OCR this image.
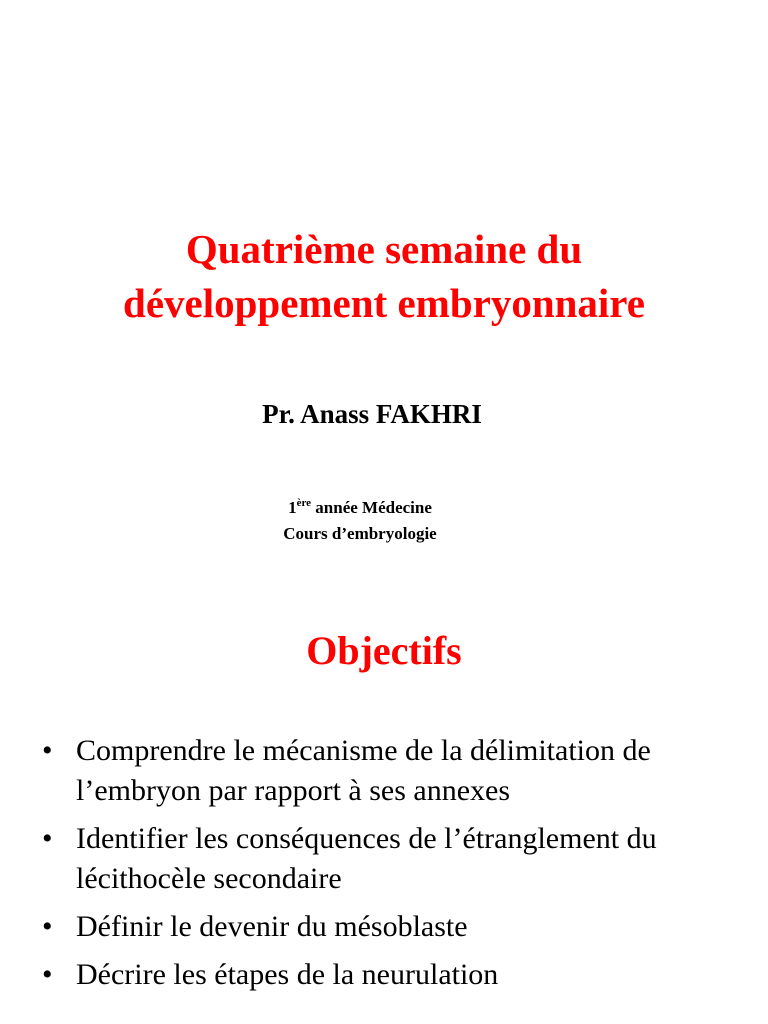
Quatrième semaine du
développement embryonnaire
Pr. Anass FAKHRI
1ère année Médecine
Cours d’embryologie
Objectifs
• Comprendre le mécanisme de la délimitation de l’embryon par rapport à ses annexes
• Identifier les conséquences de l’étranglement du lécithocèle secondaire
• Définir le devenir du mésoblaste
• Décrire les étapes de la neurulation
